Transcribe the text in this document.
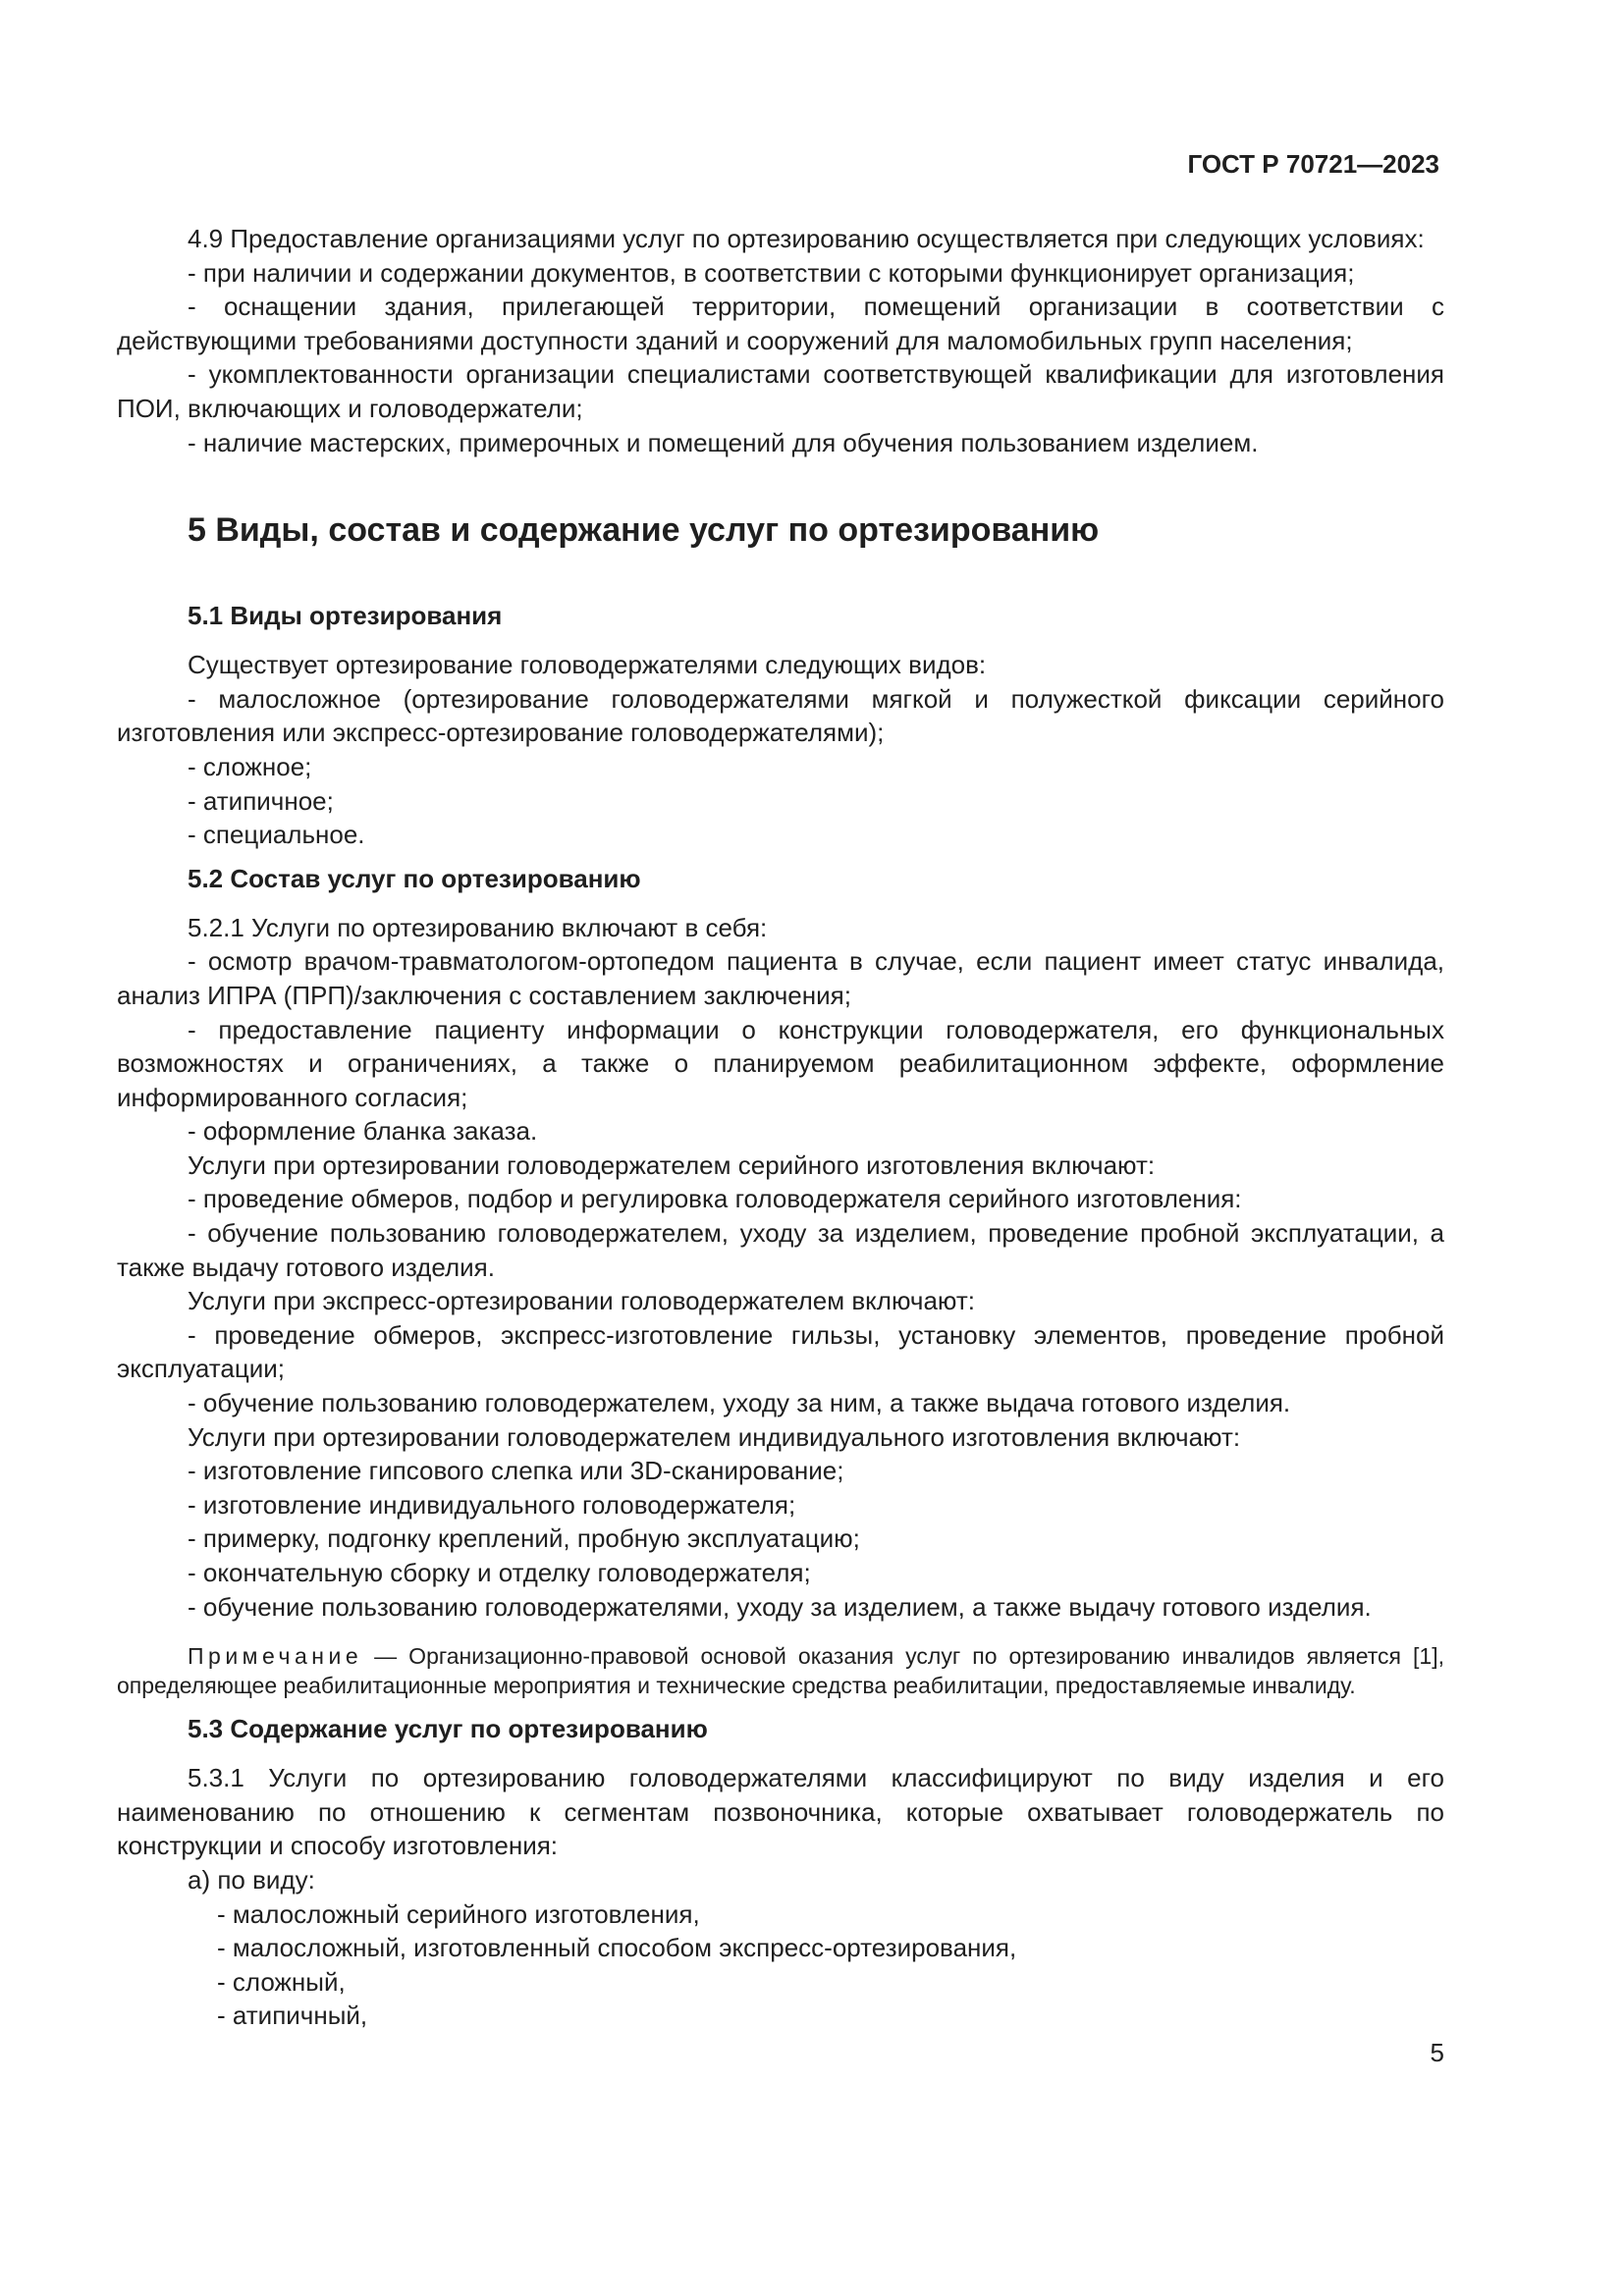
ГОСТ Р 70721—2023

4.9 Предоставление организациями услуг по ортезированию осуществляется при следующих условиях:

- при наличии и содержании документов, в соответствии с которыми функционирует организация;

- оснащении здания, прилегающей территории, помещений организации в соответствии с действующими требованиями доступности зданий и сооружений для маломобильных групп населения;

- укомплектованности организации специалистами соответствующей квалификации для изготовления ПОИ, включающих и головодержатели;

- наличие мастерских, примерочных и помещений для обучения пользованием изделием.

5 Виды, состав и содержание услуг по ортезированию
5.1 Виды ортезирования

Существует ортезирование головодержателями следующих видов:

- малосложное (ортезирование головодержателями мягкой и полужесткой фиксации серийного изготовления или экспресс-ортезирование головодержателями);

- сложное;

- атипичное;

- специальное.

5.2 Состав услуг по ортезированию

5.2.1 Услуги по ортезированию включают в себя:

- осмотр врачом-травматологом-ортопедом пациента в случае, если пациент имеет статус инвалида, анализ ИПРА (ПРП)/заключения с составлением заключения;

- предоставление пациенту информации о конструкции головодержателя, его функциональных возможностях и ограничениях, а также о планируемом реабилитационном эффекте, оформление информированного согласия;

- оформление бланка заказа.

Услуги при ортезировании головодержателем серийного изготовления включают:

- проведение обмеров, подбор и регулировка головодержателя серийного изготовления:

- обучение пользованию головодержателем, уходу за изделием, проведение пробной эксплуатации, а также выдачу готового изделия.

Услуги при экспресс-ортезировании головодержателем включают:

- проведение обмеров, экспресс-изготовление гильзы, установку элементов, проведение пробной эксплуатации;

- обучение пользованию головодержателем, уходу за ним, а также выдача готового изделия.

Услуги при ортезировании головодержателем индивидуального изготовления включают:

- изготовление гипсового слепка или 3D-сканирование;

- изготовление индивидуального головодержателя;

- примерку, подгонку креплений, пробную эксплуатацию;

- окончательную сборку и отделку головодержателя;

- обучение пользованию головодержателями, уходу за изделием, а также выдачу готового изделия.

Примечание — Организационно-правовой основой оказания услуг по ортезированию инвалидов является [1], определяющее реабилитационные мероприятия и технические средства реабилитации, предоставляемые инвалиду.

5.3 Содержание услуг по ортезированию

5.3.1 Услуги по ортезированию головодержателями классифицируют по виду изделия и его наименованию по отношению к сегментам позвоночника, которые охватывает головодержатель по конструкции и способу изготовления:

а) по виду:

- малосложный серийного изготовления,

- малосложный, изготовленный способом экспресс-ортезирования,

- сложный,

- атипичный,

5
